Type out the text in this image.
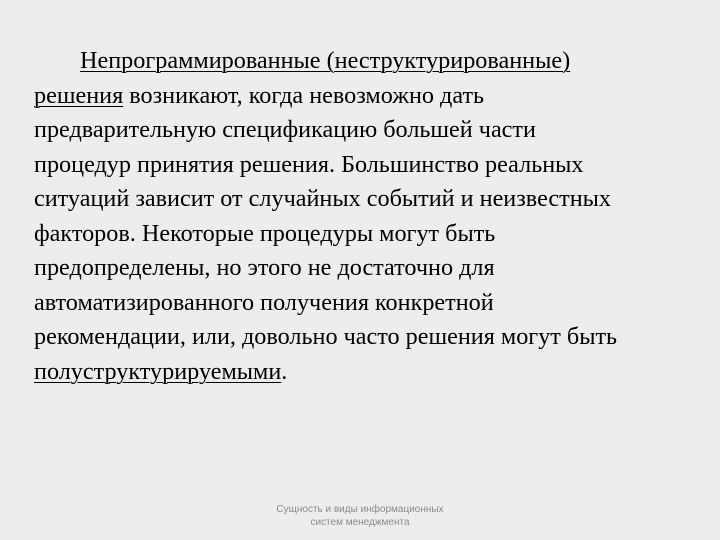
Непрограммированные (неструктурированные)
решения возникают, когда невозможно дать
предварительную спецификацию большей части
процедур принятия решения. Большинство реальных
ситуаций зависит от случайных событий и неизвестных
факторов. Некоторые процедуры могут быть
предопределены, но этого не достаточно для
автоматизированного получения конкретной
рекомендации, или, довольно часто решения могут быть
полуструктурируемыми.

Сущность и виды информационных
систем менеджмента
